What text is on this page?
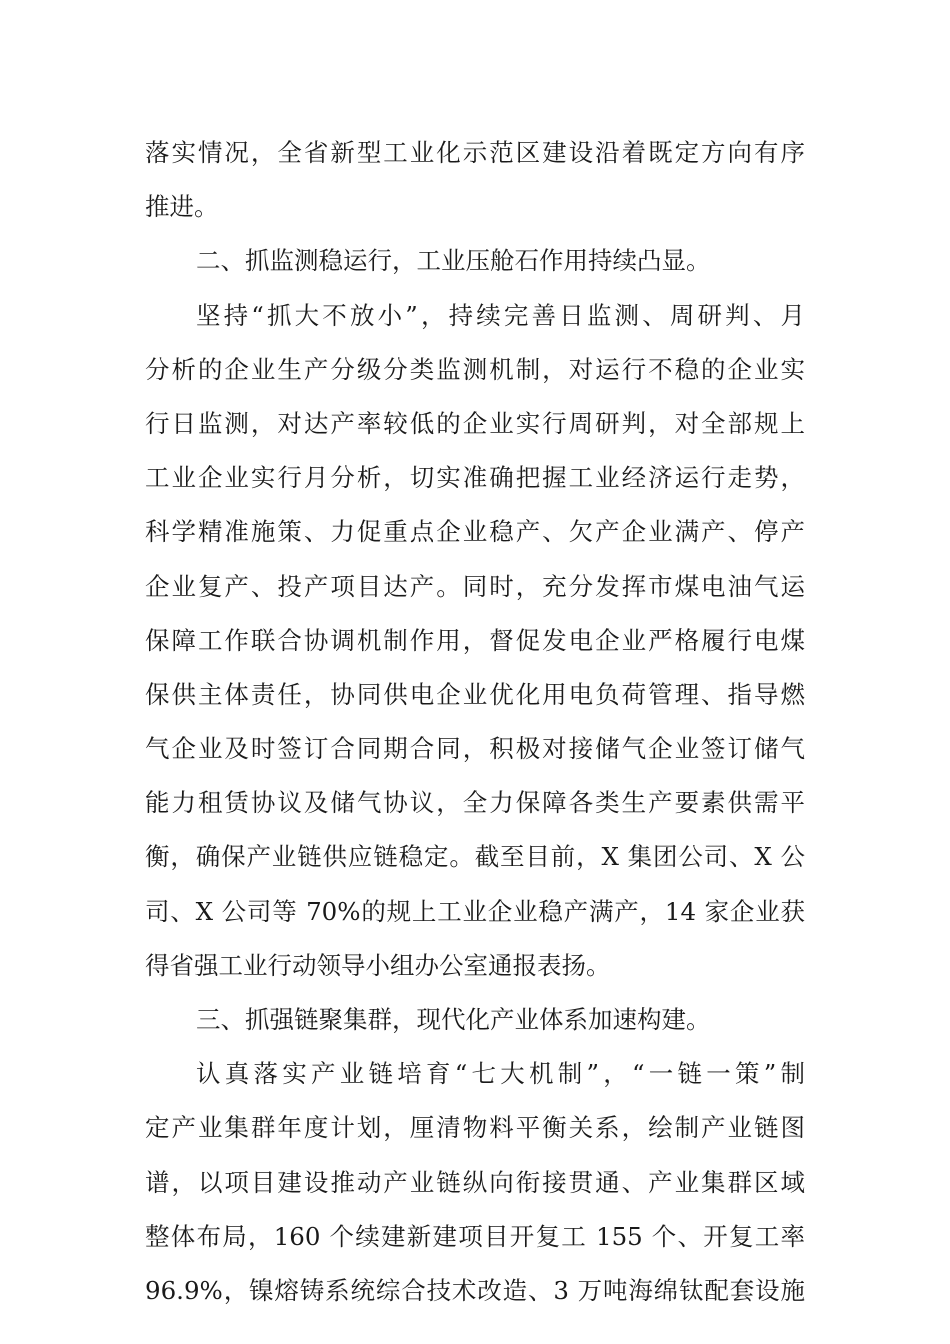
落实情况，全省新型工业化示范区建设沿着既定方向有序
推进。
二、抓监测稳运行，工业压舱石作用持续凸显。
坚持“抓大不放小”，持续完善日监测、周研判、月
分析的企业生产分级分类监测机制，对运行不稳的企业实
行日监测，对达产率较低的企业实行周研判，对全部规上
工业企业实行月分析，切实准确把握工业经济运行走势，
科学精准施策、力促重点企业稳产、欠产企业满产、停产
企业复产、投产项目达产。同时，充分发挥市煤电油气运
保障工作联合协调机制作用，督促发电企业严格履行电煤
保供主体责任，协同供电企业优化用电负荷管理、指导燃
气企业及时签订合同期合同，积极对接储气企业签订储气
能力租赁协议及储气协议，全力保障各类生产要素供需平
衡，确保产业链供应链稳定。截至目前，X 集团公司、X 公
司、X 公司等 70%的规上工业企业稳产满产，14 家企业获
得省强工业行动领导小组办公室通报表扬。
三、抓强链聚集群，现代化产业体系加速构建。
认真落实产业链培育“七大机制”，“一链一策”制
定产业集群年度计划，厘清物料平衡关系，绘制产业链图
谱，以项目建设推动产业链纵向衔接贯通、产业集群区域
整体布局，160 个续建新建项目开复工 155 个、开复工率
96.9%，镍熔铸系统综合技术改造、3 万吨海绵钛配套设施
